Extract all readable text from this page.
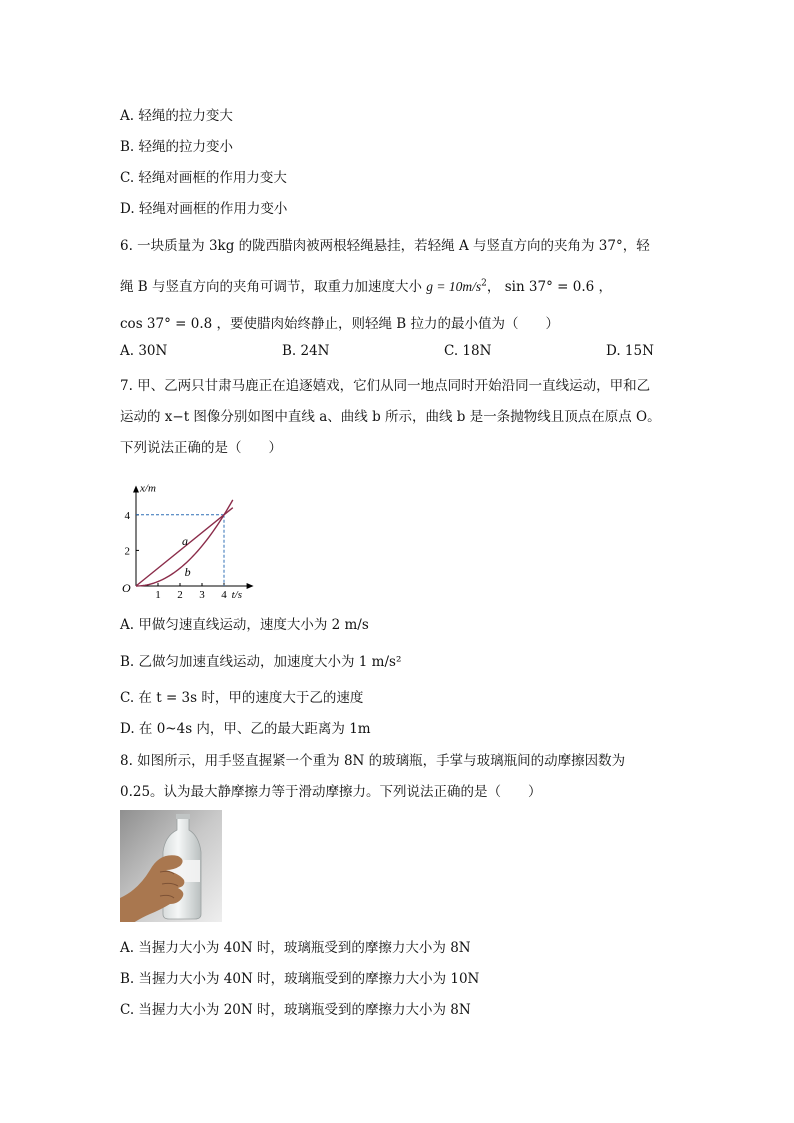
A. 轻绳的拉力变大
B. 轻绳的拉力变小
C. 轻绳对画框的作用力变大
D. 轻绳对画框的作用力变小
6. 一块质量为 3kg 的陇西腊肉被两根轻绳悬挂，若轻绳 A 与竖直方向的夹角为 37°，轻
绳 B 与竖直方向的夹角可调节，取重力加速度大小 $g = 10m/s^2$， sin 37° = 0.6 ，
cos 37° = 0.8 ，要使腊肉始终静止，则轻绳 B 拉力的最小值为（　　）
A. 30N	B. 24N	C. 18N	D. 15N
7. 甲、乙两只甘肃马鹿正在追逐嬉戏，它们从同一地点同时开始沿同一直线运动，甲和乙
运动的 x−t 图像分别如图中直线 a、曲线 b 所示，曲线 b 是一条抛物线且顶点在原点 O。
下列说法正确的是（　　）
1 2 3 4
2
4
a
b
x/m
t/s
O
A. 甲做匀速直线运动，速度大小为 2 m/s
B. 乙做匀加速直线运动，加速度大小为 1 m/s²
C. 在 t = 3s 时，甲的速度大于乙的速度
D. 在 0~4s 内，甲、乙的最大距离为 1m
8. 如图所示，用手竖直握紧一个重为 8N 的玻璃瓶，手掌与玻璃瓶间的动摩擦因数为
0.25。认为最大静摩擦力等于滑动摩擦力。下列说法正确的是（　　）
A. 当握力大小为 40N 时，玻璃瓶受到的摩擦力大小为 8N
B. 当握力大小为 40N 时，玻璃瓶受到的摩擦力大小为 10N
C. 当握力大小为 20N 时，玻璃瓶受到的摩擦力大小为 8N
